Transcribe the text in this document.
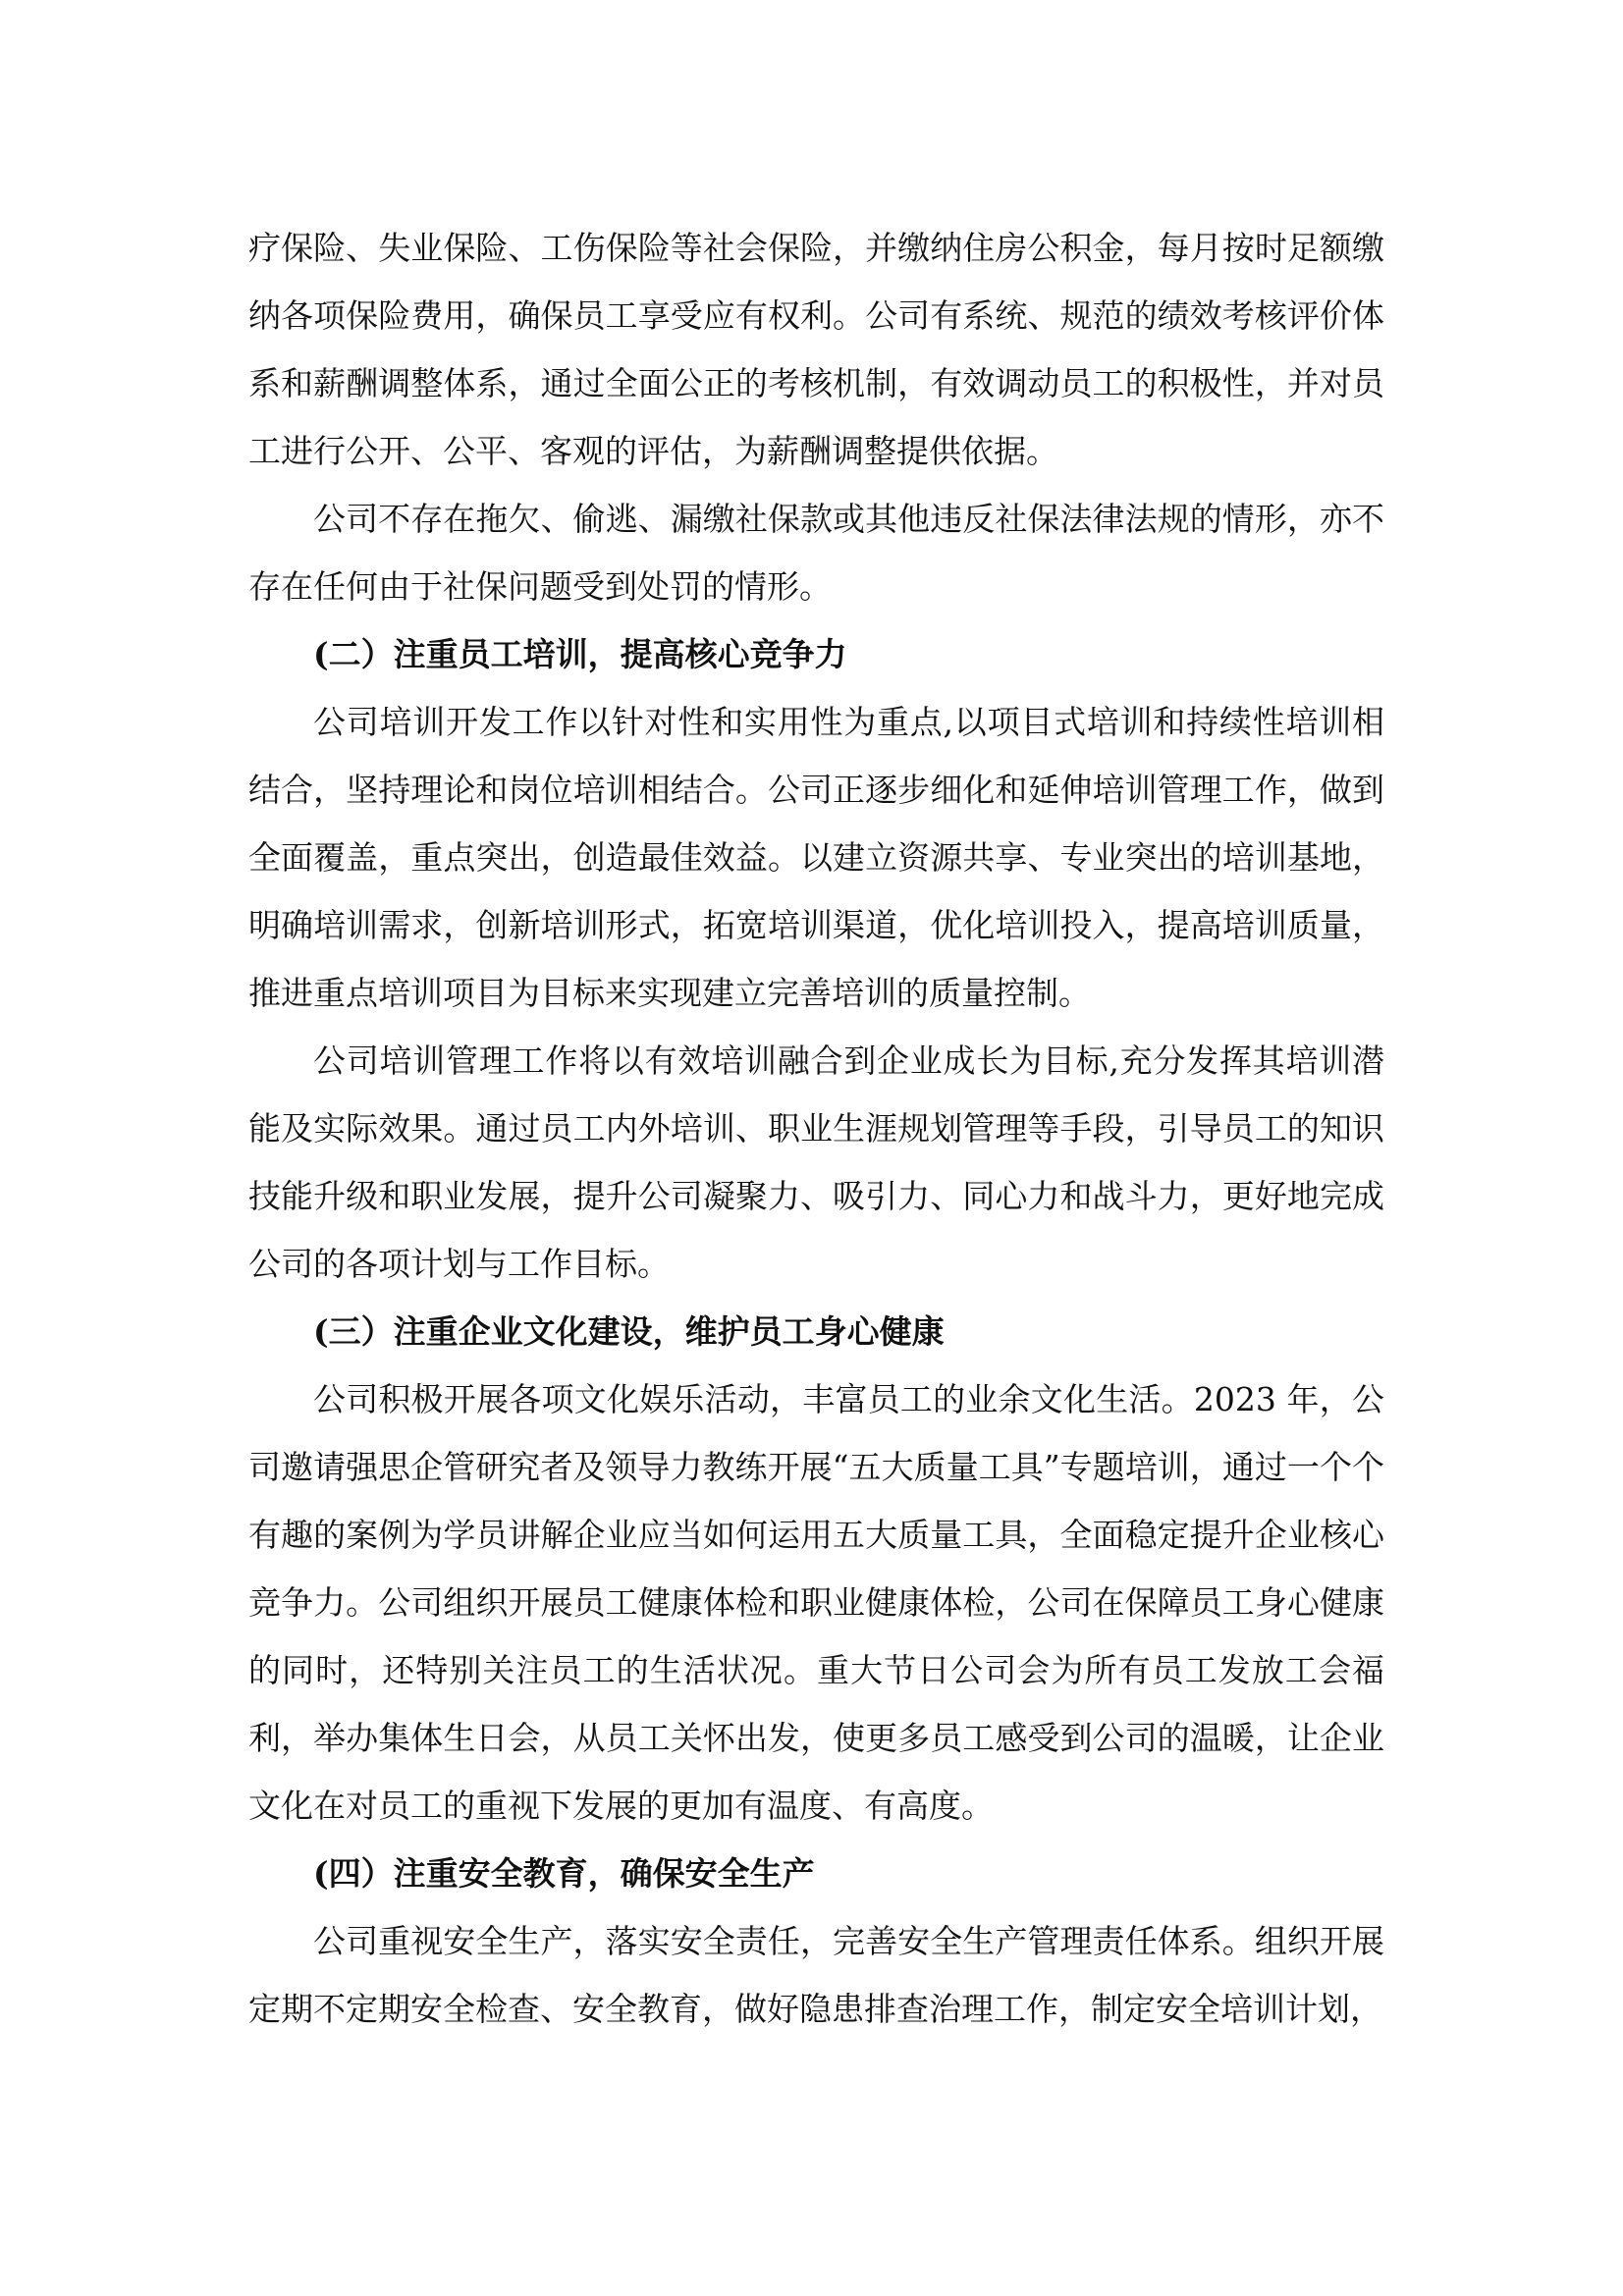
疗保险、失业保险、工伤保险等社会保险，并缴纳住房公积金，每月按时足额缴纳各项保险费用，确保员工享受应有权利。公司有系统、规范的绩效考核评价体系和薪酬调整体系，通过全面公正的考核机制，有效调动员工的积极性，并对员工进行公开、公平、客观的评估，为薪酬调整提供依据。

公司不存在拖欠、偷逃、漏缴社保款或其他违反社保法律法规的情形，亦不存在任何由于社保问题受到处罚的情形。

(二）注重员工培训，提高核心竞争力

公司培训开发工作以针对性和实用性为重点,以项目式培训和持续性培训相结合，坚持理论和岗位培训相结合。公司正逐步细化和延伸培训管理工作，做到全面覆盖，重点突出，创造最佳效益。以建立资源共享、专业突出的培训基地，明确培训需求，创新培训形式，拓宽培训渠道，优化培训投入，提高培训质量，推进重点培训项目为目标来实现建立完善培训的质量控制。

公司培训管理工作将以有效培训融合到企业成长为目标,充分发挥其培训潜能及实际效果。通过员工内外培训、职业生涯规划管理等手段，引导员工的知识技能升级和职业发展，提升公司凝聚力、吸引力、同心力和战斗力，更好地完成公司的各项计划与工作目标。

(三）注重企业文化建设，维护员工身心健康

公司积极开展各项文化娱乐活动，丰富员工的业余文化生活。2023 年，公司邀请强思企管研究者及领导力教练开展“五大质量工具”专题培训，通过一个个有趣的案例为学员讲解企业应当如何运用五大质量工具，全面稳定提升企业核心竞争力。公司组织开展员工健康体检和职业健康体检，公司在保障员工身心健康的同时，还特别关注员工的生活状况。重大节日公司会为所有员工发放工会福利，举办集体生日会，从员工关怀出发，使更多员工感受到公司的温暖，让企业文化在对员工的重视下发展的更加有温度、有高度。

(四）注重安全教育，确保安全生产

公司重视安全生产，落实安全责任，完善安全生产管理责任体系。组织开展定期不定期安全检查、安全教育，做好隐患排查治理工作，制定安全培训计划，
